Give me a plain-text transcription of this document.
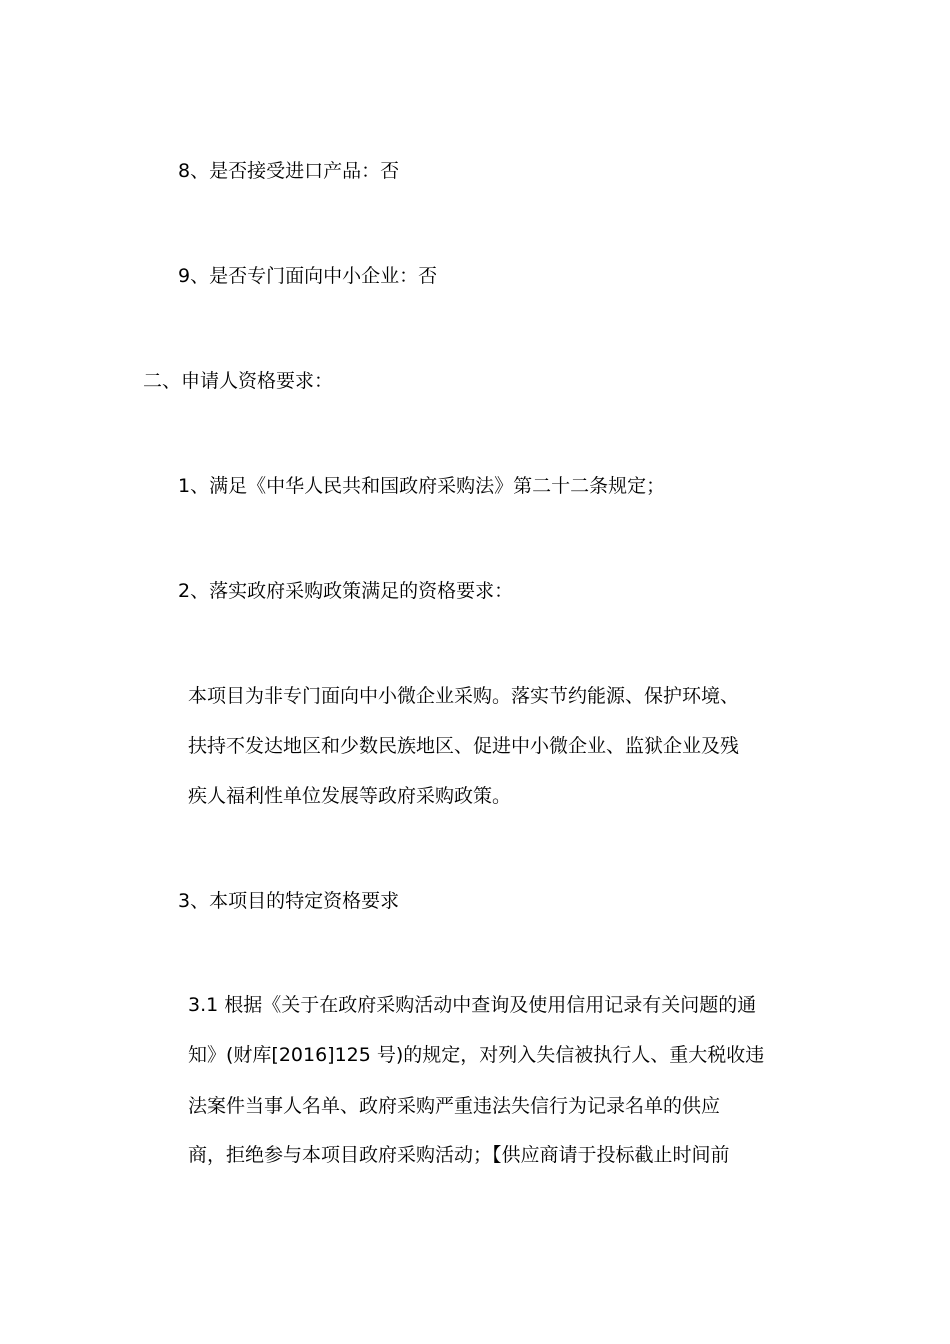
8、是否接受进口产品：否
9、是否专门面向中小企业：否
二、申请人资格要求：
1、满足《中华人民共和国政府采购法》第二十二条规定；
2、落实政府采购政策满足的资格要求：
本项目为非专门面向中小微企业采购。落实节约能源、保护环境、
扶持不发达地区和少数民族地区、促进中小微企业、监狱企业及残
疾人福利性单位发展等政府采购政策。
3、本项目的特定资格要求
3.1 根据《关于在政府采购活动中查询及使用信用记录有关问题的通
知》(财库[2016]125 号)的规定，对列入失信被执行人、重大税收违
法案件当事人名单、政府采购严重违法失信行为记录名单的供应
商，拒绝参与本项目政府采购活动；【供应商请于投标截止时间前
